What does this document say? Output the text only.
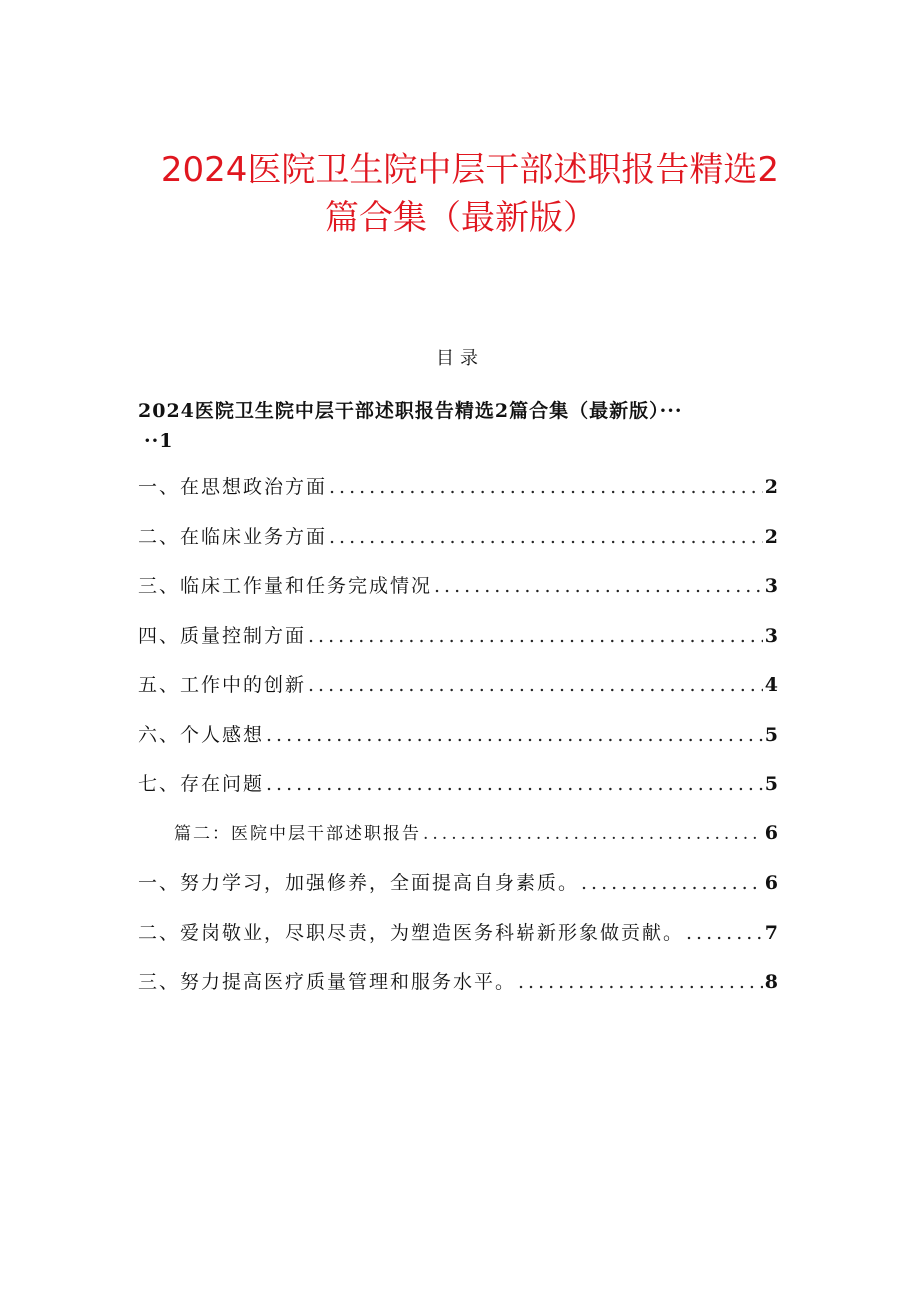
2024医院卫生院中层干部述职报告精选2
篇合集（最新版）
目录
2024医院卫生院中层干部述职报告精选2篇合集（最新版）···
··1
一、在思想政治方面 .....	2
二、在临床业务方面 .....	2
三、临床工作量和任务完成情况 .....	3
四、质量控制方面 .....	3
五、工作中的创新 .....	4
六、个人感想 .....	5
七、存在问题 .....	5
篇二：医院中层干部述职报告 .....	6
一、努力学习，加强修养，全面提高自身素质。 .....	6
二、爱岗敬业，尽职尽责，为塑造医务科崭新形象做贡献。 .....	7
三、努力提高医疗质量管理和服务水平。 .....	8
